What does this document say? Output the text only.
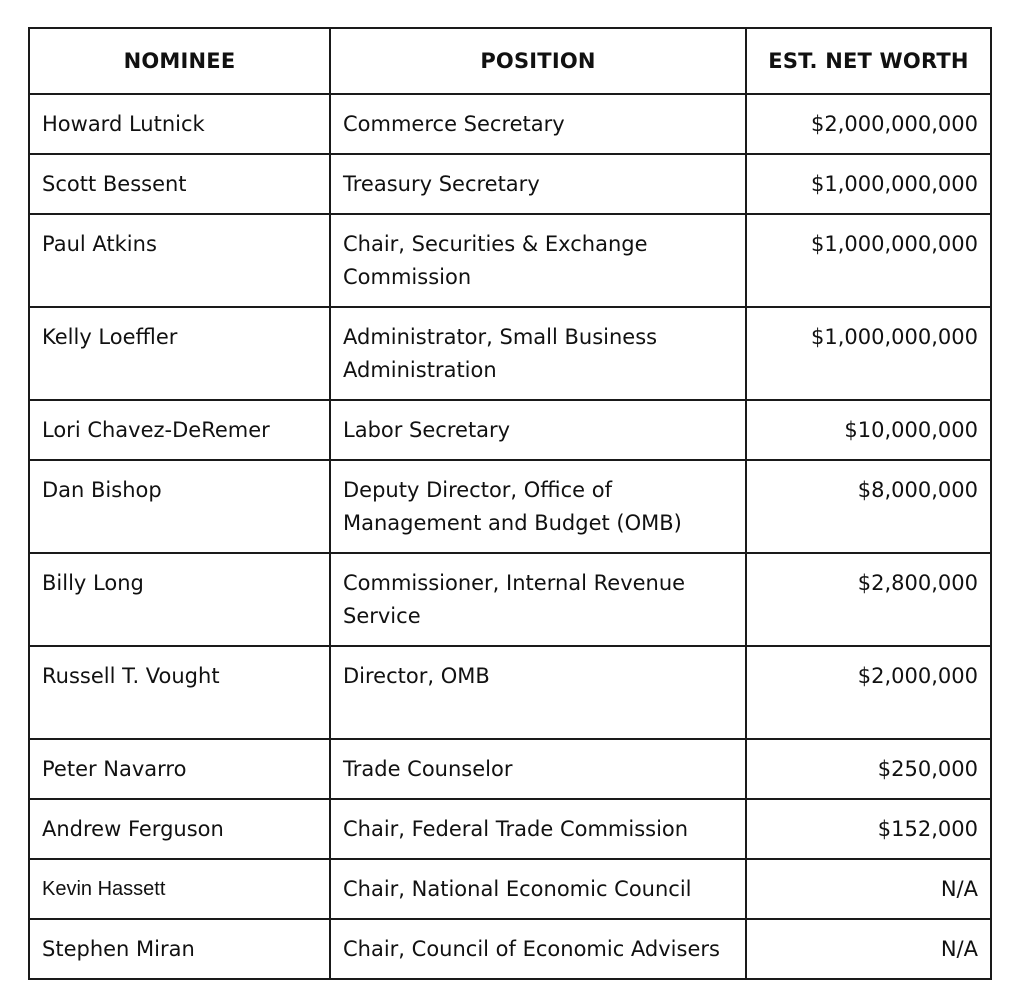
NOMINEE	POSITION	EST. NET WORTH
Howard Lutnick	Commerce Secretary	$2,000,000,000
Scott Bessent	Treasury Secretary	$1,000,000,000
Paul Atkins	Chair, Securities & Exchange Commission	$1,000,000,000
Kelly Loeffler	Administrator, Small Business Administration	$1,000,000,000
Lori Chavez-DeRemer	Labor Secretary	$10,000,000
Dan Bishop	Deputy Director, Office of Management and Budget (OMB)	$8,000,000
Billy Long	Commissioner, Internal Revenue Service	$2,800,000
Russell T. Vought	Director, OMB	$2,000,000
Peter Navarro	Trade Counselor	$250,000
Andrew Ferguson	Chair, Federal Trade Commission	$152,000
Kevin Hassett	Chair, National Economic Council	N/A
Stephen Miran	Chair, Council of Economic Advisers	N/A
